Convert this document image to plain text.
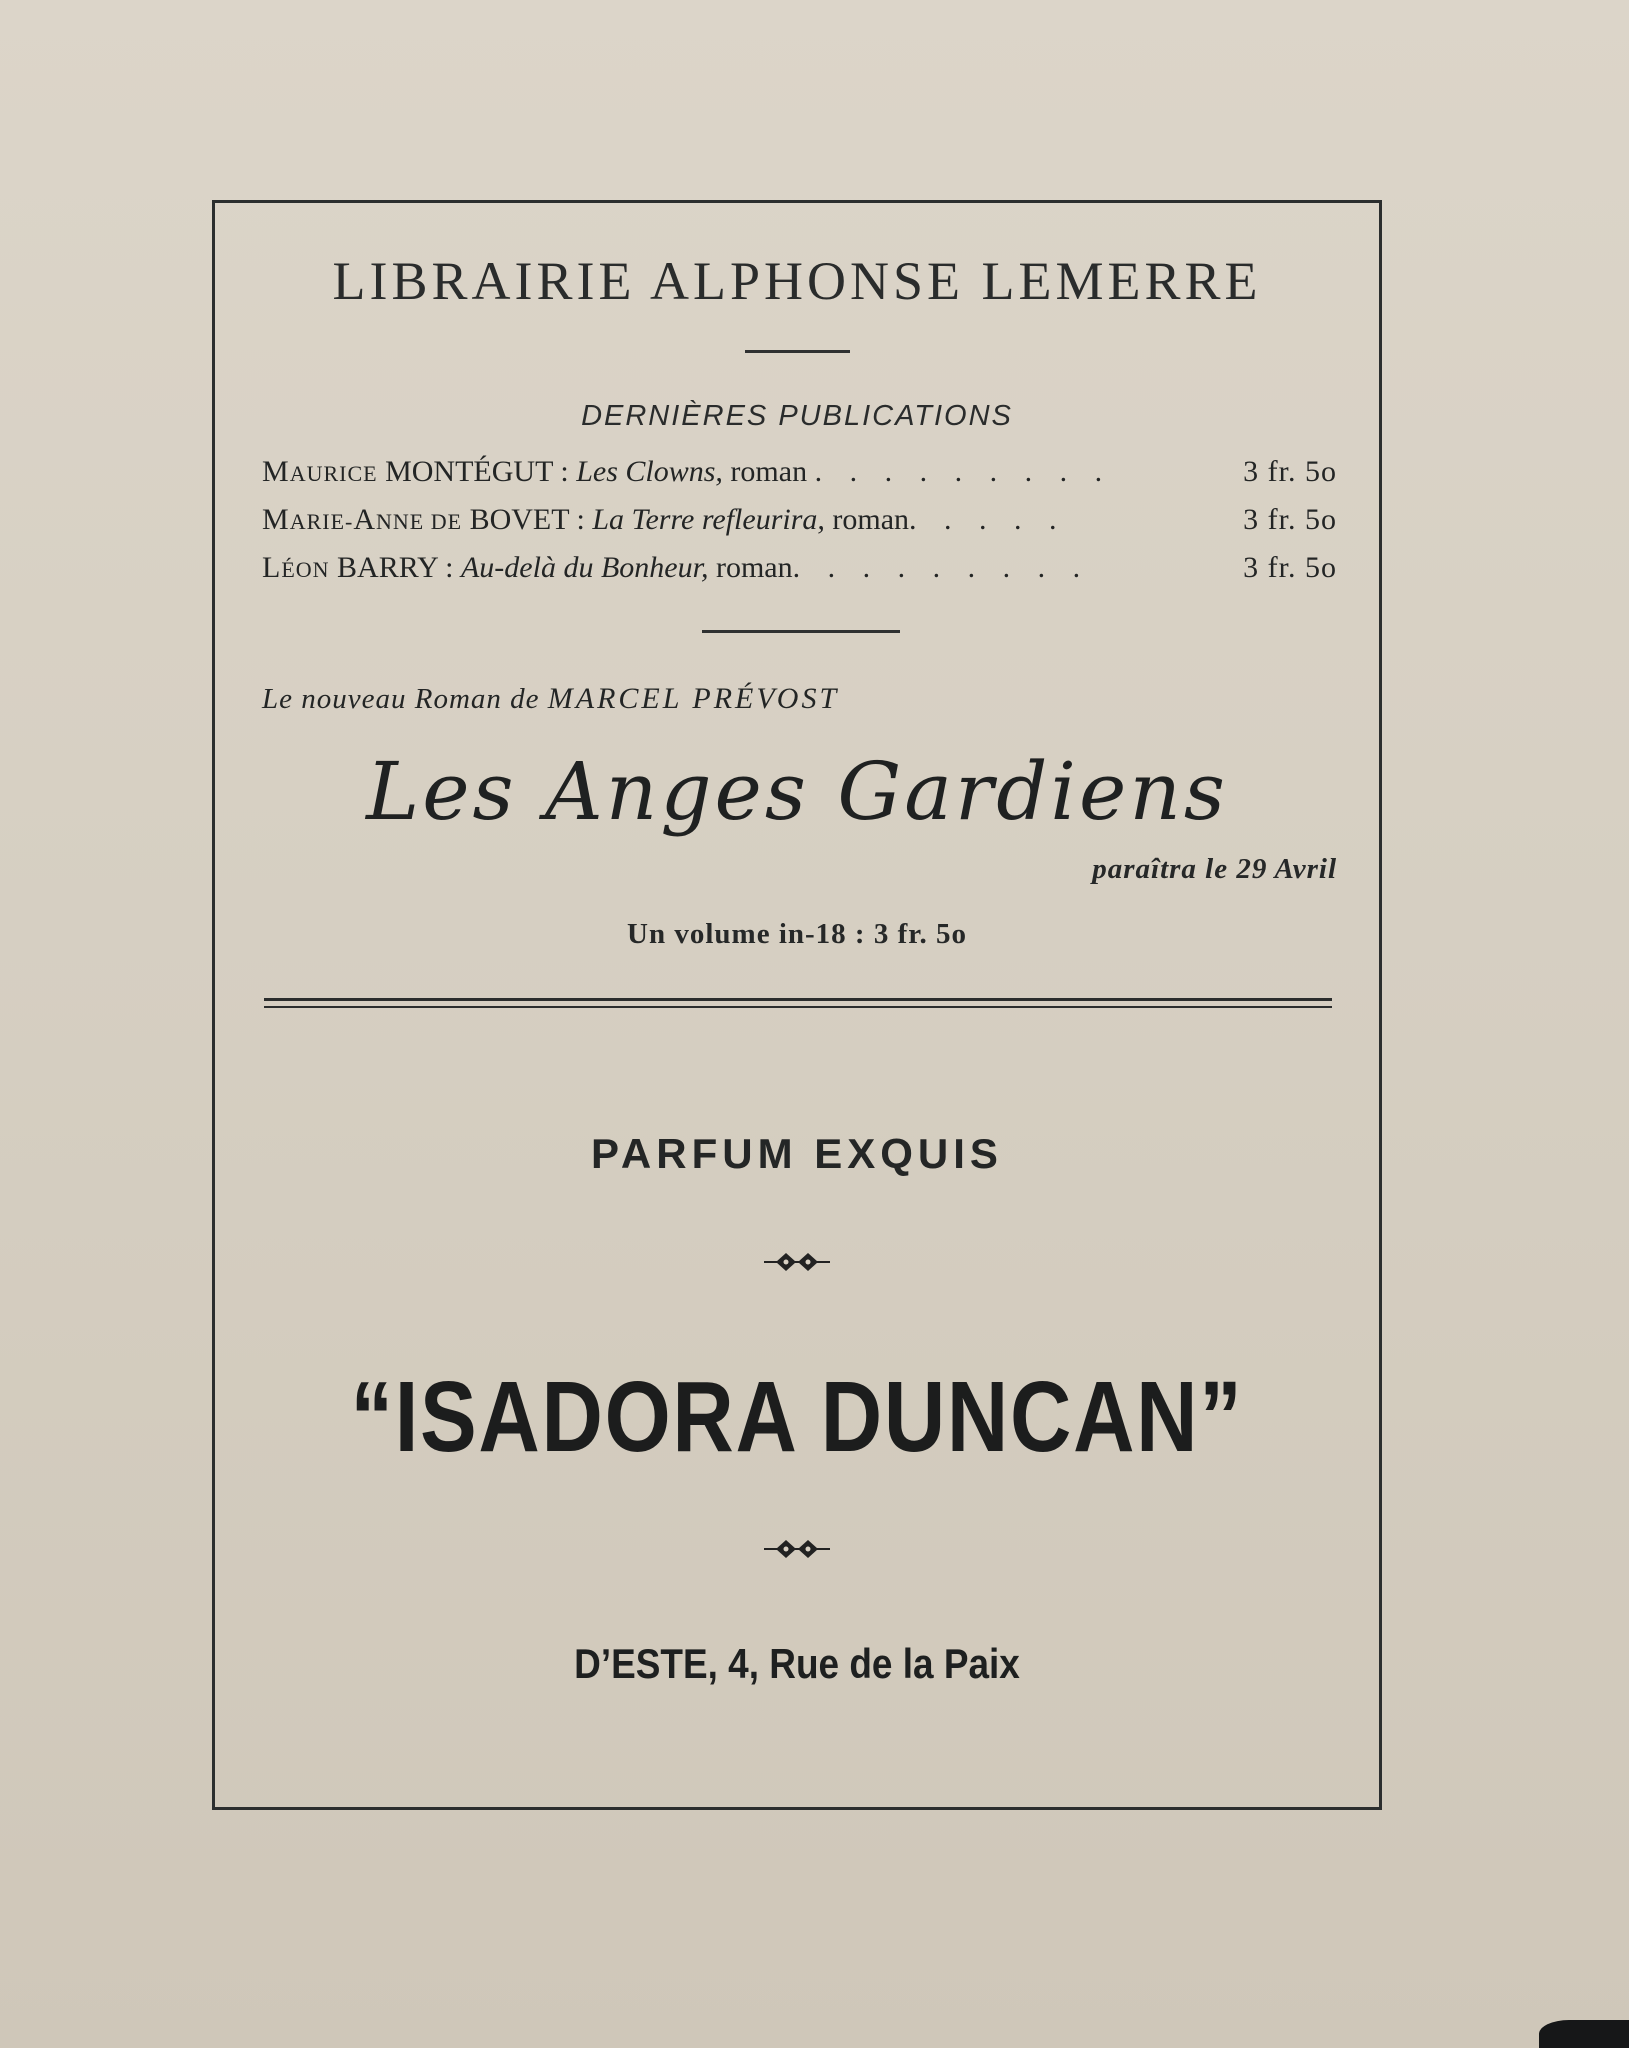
LIBRAIRIE ALPHONSE LEMERRE
DERNIÈRES PUBLICATIONS
MAURICE MONTÉGUT : Les Clowns, roman . . . . . . . . .	3 fr. 5o
MARIE-ANNE DE BOVET : La Terre refleurira, roman. . . . .	3 fr. 5o
LÉON BARRY : Au-delà du Bonheur, roman. . . . . . . . .	3 fr. 5o
Le nouveau Roman de MARCEL PRÉVOST
Les Anges Gardiens
paraîtra le 29 Avril
Un volume in-18 : 3 fr. 5o
PARFUM EXQUIS
“ISADORA DUNCAN”
D’ESTE, 4, Rue de la Paix
